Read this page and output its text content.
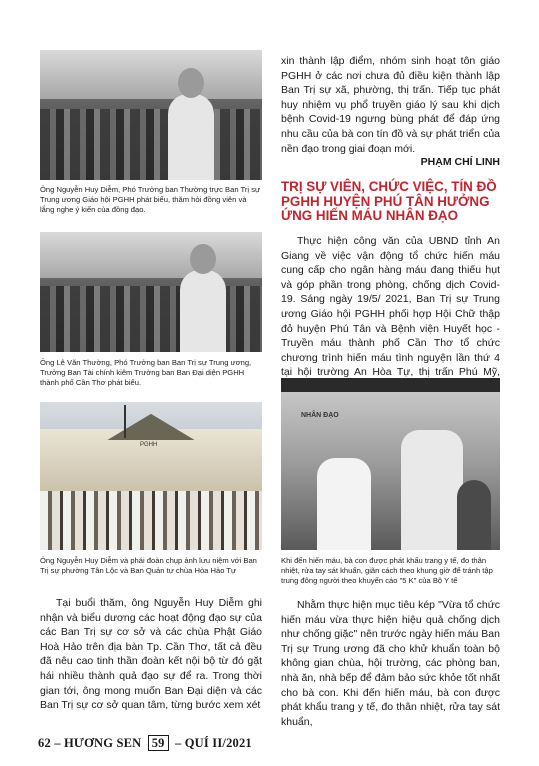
Ông Nguyễn Huy Diễm, Phó Trưởng ban Thường trực Ban Trị sự Trung ương Giáo hội PGHH phát biểu, thăm hỏi đồng viên và lắng nghe ý kiến của đồng đạo.

Ông Lê Văn Thường, Phó Trưởng ban Ban Trị sự Trung ương, Trưởng Ban Tài chính kiêm Trưởng ban Ban Đại diện PGHH thành phố Cần Thơ phát biểu.

PGHH

Ông Nguyễn Huy Diễm và phái đoàn chụp ảnh lưu niệm với Ban Trị sự phường Tân Lộc và Ban Quản tự chùa Hòa Hảo Tự

Tại buổi thăm, ông Nguyễn Huy Diễm ghi nhận và biểu dương các hoạt động đạo sự của các Ban Trị sự cơ sở và các chùa Phật Giáo Hoà Hảo trên địa bàn Tp. Cần Thơ, tất cả đều đã nêu cao tinh thần đoàn kết nội bộ từ đó gặt hái nhiều thành quả đạo sự để ra. Trong thời gian tới, ông mong muốn Ban Đại diện và các Ban Trị sự cơ sở quan tâm, từng bước xem xét

xin thành lập điểm, nhóm sinh hoạt tôn giáo PGHH ở các nơi chưa đủ điều kiện thành lập Ban Trị sự xã, phường, thị trấn. Tiếp tục phát huy nhiệm vụ phổ truyền giáo lý sau khi dịch bệnh Covid-19 ngưng bùng phát để đáp ứng nhu cầu của bà con tín đồ và sự phát triển của nền đạo trong giai đoạn mới.

PHẠM CHÍ LINH
TRỊ SỰ VIÊN, CHỨC VIỆC, TÍN ĐỒ PGHH HUYỆN PHÚ TÂN HƯỞNG ỨNG HIẾN MÁU NHÂN ĐẠO

Thực hiện công văn của UBND tỉnh An Giang về việc vận động tổ chức hiến máu cung cấp cho ngân hàng máu đang thiếu hụt và góp phần trong phòng, chống dịch Covid-19. Sáng ngày 19/5/ 2021, Ban Trị sự Trung ương Giáo hội PGHH phối hợp Hội Chữ thập đỏ huyện Phú Tân và Bệnh viện Huyết học - Truyền máu thành phố Cần Thơ tổ chức chương trình hiến máu tình nguyện lần thứ 4 tại hội trường An Hòa Tự, thị trấn Phú Mỹ,

NHÂN ĐẠO

Khi đến hiến máu, bà con được phát khẩu trang y tế, đo thân nhiệt, rửa tay sát khuẩn, giãn cách theo khung giờ để tránh tập trung đông người theo khuyến cáo "5 K" của Bộ Y tế

Nhằm thực hiện mục tiêu kép "Vừa tổ chức hiến máu vừa thực hiện hiệu quả chống dịch như chống giặc" nên trước ngày hiến máu Ban Trị sự Trung ương đã cho khử khuẩn toàn bộ không gian chùa, hội trường, các phòng ban, nhà ăn, nhà bếp để đảm bảo sức khỏe tốt nhất cho bà con. Khi đến hiến máu, bà con được phát khẩu trang y tế, đo thân nhiệt, rửa tay sát khuẩn,

62 – HƯƠNG SEN 59 – QUÍ II/2021
